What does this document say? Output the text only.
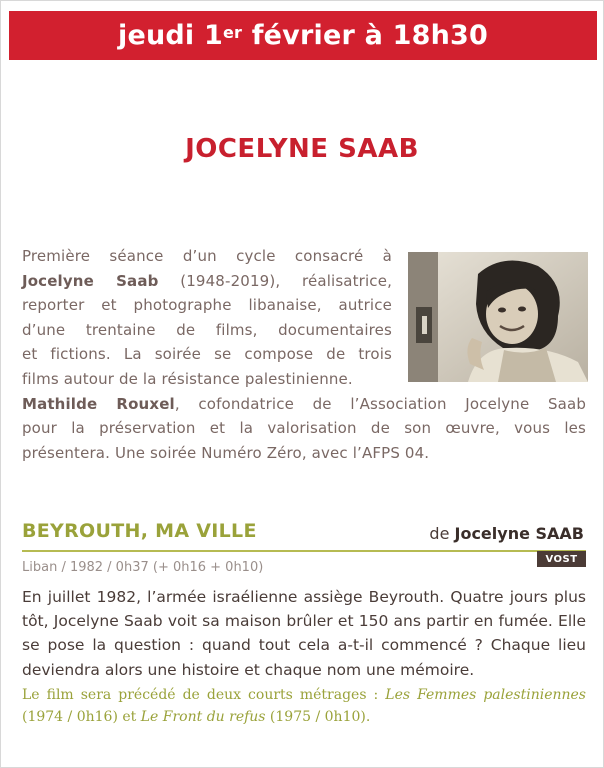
jeudi 1er février à 18h30
JOCELYNE SAAB
Première séance d’un cycle consacré à
Jocelyne Saab (1948-2019), réalisatrice,
reporter et photographe libanaise, autrice
d’une trentaine de films, documentaires
et fictions. La soirée se compose de trois
films autour de la résistance palestinienne.
Mathilde Rouxel, cofondatrice de l’Association Jocelyne Saab
pour la préservation et la valorisation de son œuvre, vous les
présentera. Une soirée Numéro Zéro, avec l’AFPS 04.
BEYROUTH, MA VILLE	de Jocelyne SAAB
VOST
Liban / 1982 / 0h37 (+ 0h16 + 0h10)
En juillet 1982, l’armée israélienne assiège Beyrouth. Quatre jours plus
tôt, Jocelyne Saab voit sa maison brûler et 150 ans partir en fumée. Elle
se pose la question : quand tout cela a-t-il commencé ? Chaque lieu
deviendra alors une histoire et chaque nom une mémoire.
Le film sera précédé de deux courts métrages : Les Femmes palestiniennes
(1974 / 0h16) et Le Front du refus (1975 / 0h10).
